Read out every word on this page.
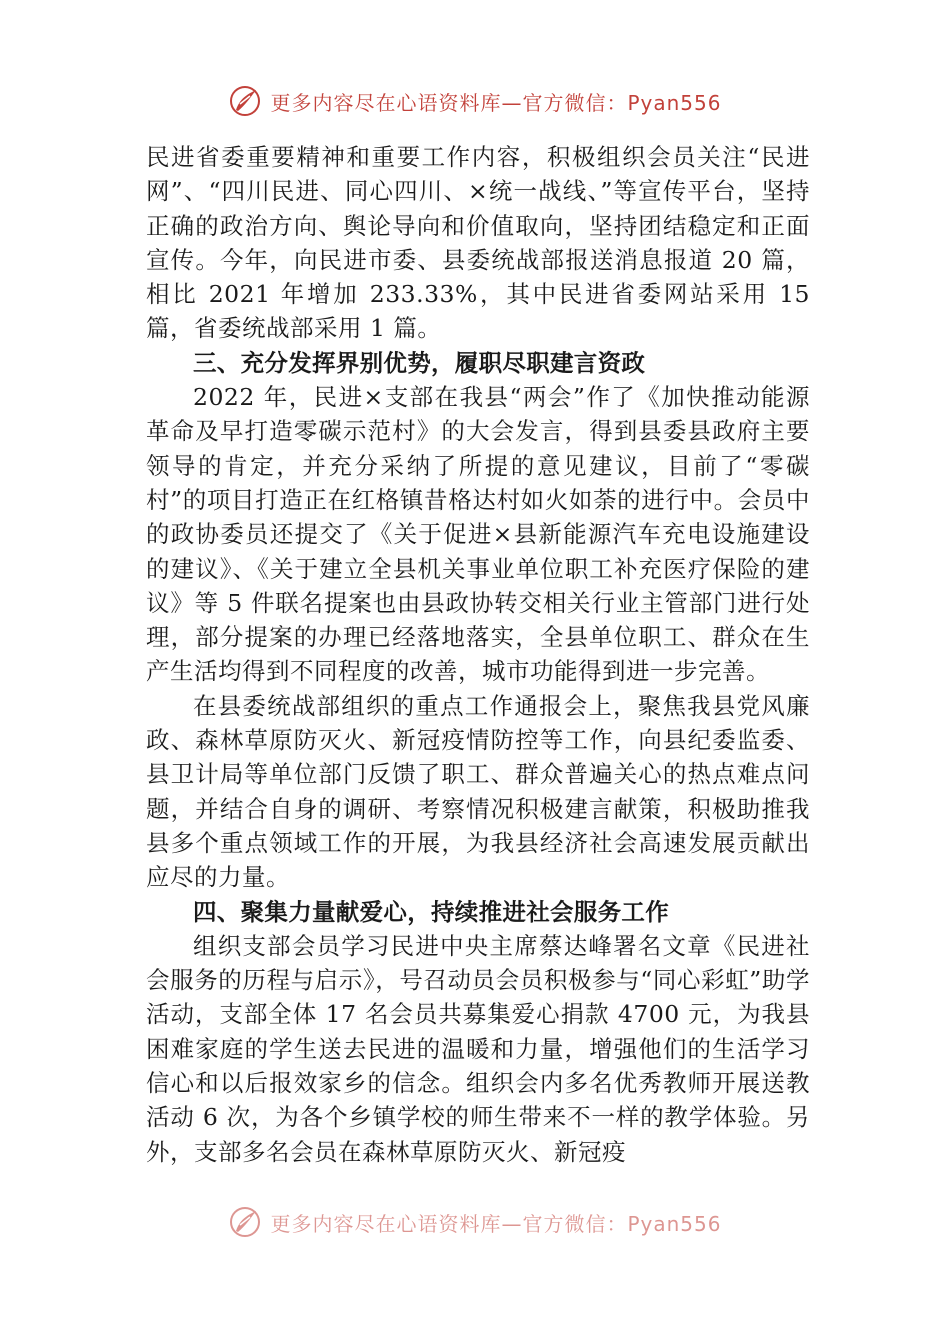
更多内容尽在心语资料库—官方微信：Pyan556

民进省委重要精神和重要工作内容，积极组织会员关注“民进网”、“四川民进、同心四川、×统一战线、”等宣传平台，坚持正确的政治方向、舆论导向和价值取向，坚持团结稳定和正面宣传。今年，向民进市委、县委统战部报送消息报道 20 篇，相比 2021 年增加 233.33%，其中民进省委网站采用 15 篇，省委统战部采用 1 篇。

三、充分发挥界别优势，履职尽职建言资政

2022 年，民进×支部在我县“两会”作了《加快推动能源革命及早打造零碳示范村》的大会发言，得到县委县政府主要领导的肯定，并充分采纳了所提的意见建议，目前了“零碳村”的项目打造正在红格镇昔格达村如火如荼的进行中。会员中的政协委员还提交了《关于促进×县新能源汽车充电设施建设的建议》、《关于建立全县机关事业单位职工补充医疗保险的建议》等 5 件联名提案也由县政协转交相关行业主管部门进行处理，部分提案的办理已经落地落实，全县单位职工、群众在生产生活均得到不同程度的改善，城市功能得到进一步完善。

在县委统战部组织的重点工作通报会上，聚焦我县党风廉政、森林草原防灭火、新冠疫情防控等工作，向县纪委监委、县卫计局等单位部门反馈了职工、群众普遍关心的热点难点问题，并结合自身的调研、考察情况积极建言献策，积极助推我县多个重点领域工作的开展，为我县经济社会高速发展贡献出应尽的力量。

四、聚集力量献爱心，持续推进社会服务工作

组织支部会员学习民进中央主席蔡达峰署名文章《民进社会服务的历程与启示》，号召动员会员积极参与“同心彩虹”助学活动，支部全体 17 名会员共募集爱心捐款 4700 元，为我县困难家庭的学生送去民进的温暖和力量，增强他们的生活学习信心和以后报效家乡的信念。组织会内多名优秀教师开展送教活动 6 次，为各个乡镇学校的师生带来不一样的教学体验。另外，支部多名会员在森林草原防灭火、新冠疫

更多内容尽在心语资料库—官方微信：Pyan556
